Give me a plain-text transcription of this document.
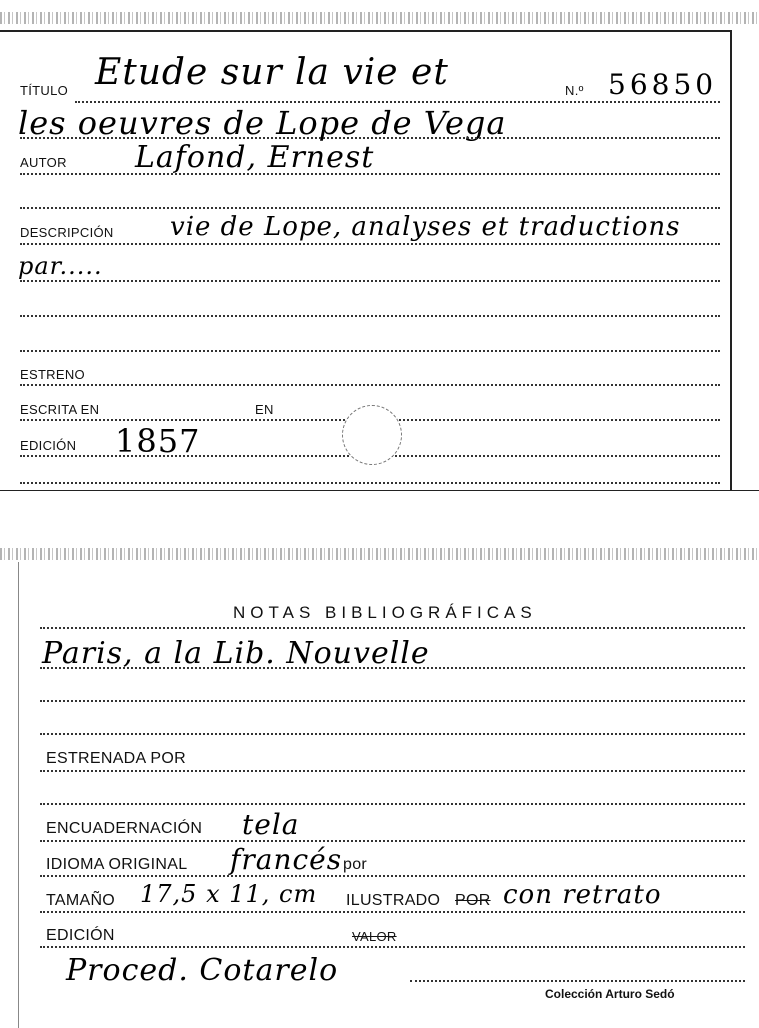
TÍTULO Etude sur la vie et	N.º 56850
les oeuvres de Lope de Vega
AUTOR Lafond, Ernest
DESCRIPCIÓN vie de Lope, analyses et traductions
par.....
ESTRENO
ESCRITA EN	EN
EDICIÓN 1857
NOTAS BIBLIOGRÁFICAS
Paris, a la Lib. Nouvelle
ESTRENADA POR
ENCUADERNACIÓN tela
IDIOMA ORIGINAL francés por
TAMAÑO 17,5 x 11, cm ILUSTRADO POR con retrato
EDICIÓN	VALOR
Proced. Cotarelo
Colección Arturo Sedó
